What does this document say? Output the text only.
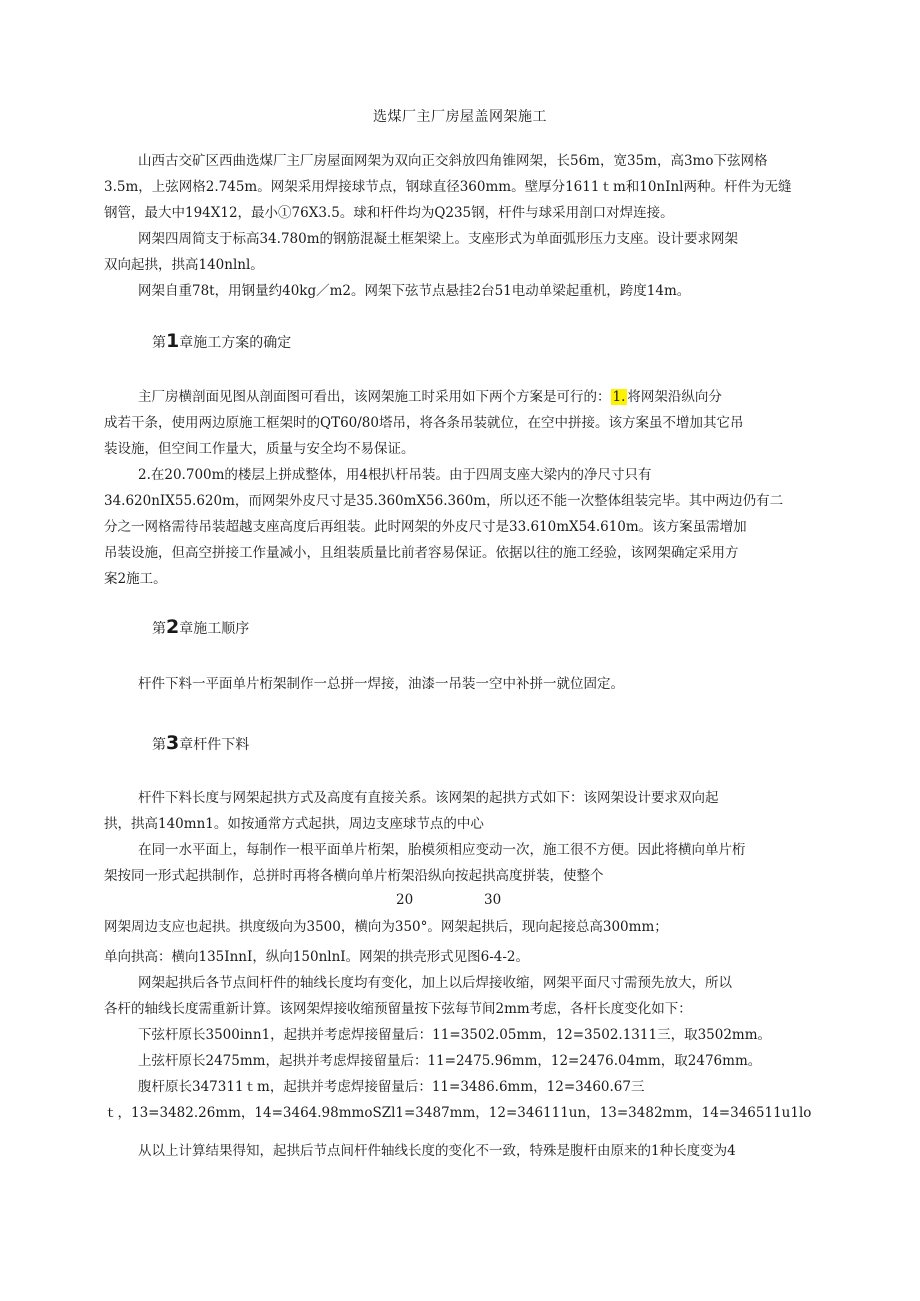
选煤厂主厂房屋盖网架施工
山西古交矿区西曲选煤厂主厂房屋面网架为双向正交斜放四角锥网架，长56m，宽35m，高3mo下弦网格
3.5m，上弦网格2.745m。网架采用焊接球节点，钢球直径360mm。壁厚分1611ｔm和10nInl两种。杆件为无缝
钢管，最大中194X12，最小①76X3.5。球和杆件均为Q235钢，杆件与球采用剖口对焊连接。
网架四周简支于标高34.780m的钢筋混凝土框架梁上。支座形式为单面弧形压力支座。设计要求网架
双向起拱，拱高140nlnl。
网架自重78t，用钢量约40kg／m2。网架下弦节点悬挂2台51电动单梁起重机，跨度14m。
第1章施工方案的确定
主厂房横剖面见图从剖面图可看出，该网架施工时采用如下两个方案是可行的： 1. 将网架沿纵向分
成若干条，使用两边原施工框架时的QT60/80塔吊，将各条吊装就位，在空中拼接。该方案虽不增加其它吊
装设施，但空间工作量大，质量与安全均不易保证。
2.在20.700m的楼层上拼成整体，用4根扒杆吊装。由于四周支座大梁内的净尺寸只有
34.620nIX55.620m，而网架外皮尺寸是35.360mX56.360m，所以还不能一次整体组装完毕。其中两边仍有二
分之一网格需待吊装超越支座高度后再组装。此时网架的外皮尺寸是33.610mX54.610m。该方案虽需增加
吊装设施，但高空拼接工作量减小，且组装质量比前者容易保证。依据以往的施工经验，该网架确定采用方
案2施工。
第2章施工顺序
杆件下料一平面单片桁架制作一总拼一焊接，油漆一吊装一空中补拼一就位固定。
第3章杆件下料
杆件下料长度与网架起拱方式及高度有直接关系。该网架的起拱方式如下：该网架设计要求双向起
拱，拱高140mn1。如按通常方式起拱，周边支座球节点的中心
在同一水平面上，每制作一根平面单片桁架，胎模须相应变动一次，施工很不方便。因此将横向单片桁
架按同一形式起拱制作，总拼时再将各横向单片桁架沿纵向按起拱高度拼装，使整个
20	30
网架周边支应也起拱。拱度级向为3500，横向为350°。网架起拱后，现向起接总高300mm；
单向拱高：横向135InnI，纵向150nlnI。网架的拱壳形式见图6-4-2。
网架起拱后各节点间杆件的轴线长度均有变化，加上以后焊接收缩，网架平面尺寸需预先放大，所以
各杆的轴线长度需重新计算。该网架焊接收缩预留量按下弦每节间2mm考虑，各杆长度变化如下：
下弦杆原长3500inn1，起拱并考虑焊接留量后：11=3502.05mm，12=3502.1311三，取3502mm。
上弦杆原长2475mm，起拱并考虑焊接留量后：11=2475.96mm，12=2476.04mm，取2476mm。
腹杆原长347311ｔm，起拱并考虑焊接留量后：11=3486.6mm，12=3460.67三
ｔ，13=3482.26mm，14=3464.98mmoSZl1=3487mm，12=346111un，13=3482mm，14=346511u1lo
从以上计算结果得知，起拱后节点间杆件轴线长度的变化不一致，特殊是腹杆由原来的1种长度变为4
